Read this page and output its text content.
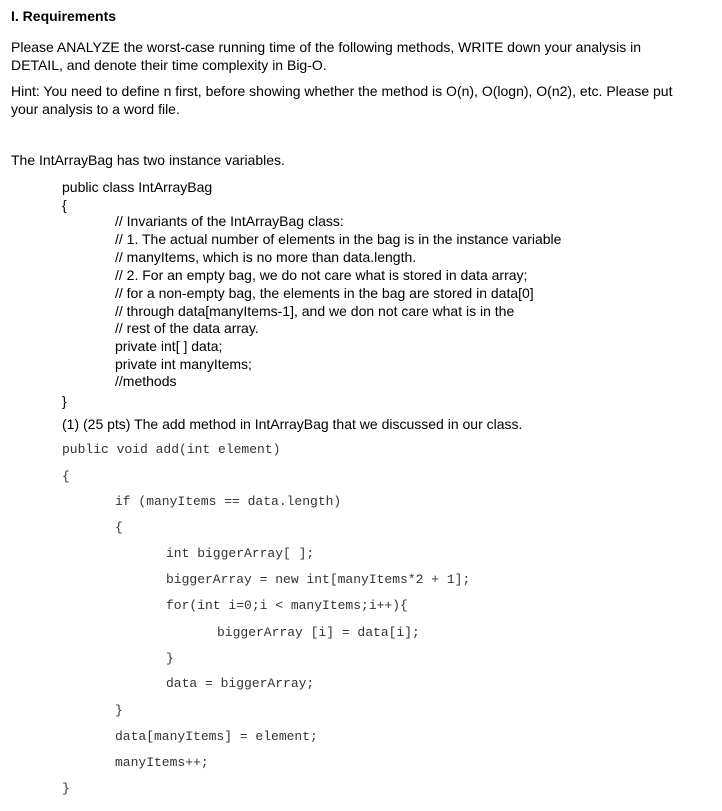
I. Requirements
Please ANALYZE the worst-case running time of the following methods, WRITE down your analysis in
DETAIL, and denote their time complexity in Big-O.
Hint: You need to define n first, before showing whether the method is O(n), O(logn), O(n2), etc. Please put
your analysis to a word file.
The IntArrayBag has two instance variables.
public class IntArrayBag
{
// Invariants of the IntArrayBag class:
// 1. The actual number of elements in the bag is in the instance variable
// manyItems, which is no more than data.length.
// 2. For an empty bag, we do not care what is stored in data array;
// for a non-empty bag, the elements in the bag are stored in data[0]
// through data[manyItems-1], and we don not care what is in the
// rest of the data array.
private int[ ] data;
private int manyItems;
//methods
}
(1) (25 pts) The add method in IntArrayBag that we discussed in our class.
public void add(int element)
{
if (manyItems == data.length)
{
int biggerArray[ ];
biggerArray = new int[manyItems*2 + 1];
for(int i=0;i < manyItems;i++){
biggerArray [i] = data[i];
}
data = biggerArray;
}
data[manyItems] = element;
manyItems++;
}
